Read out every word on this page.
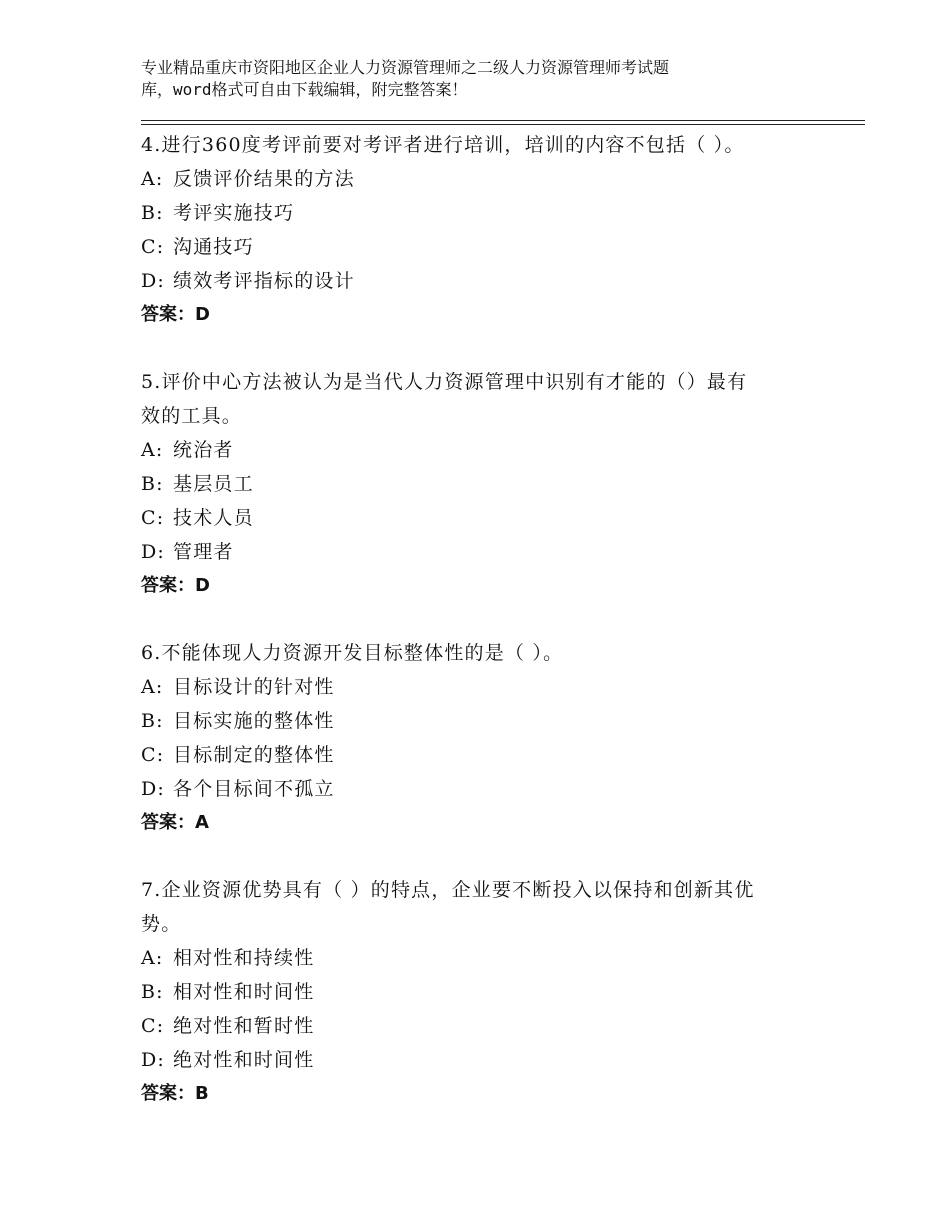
专业精品重庆市资阳地区企业人力资源管理师之二级人力资源管理师考试题
库，word格式可自由下载编辑，附完整答案！

4.进行360度考评前要对考评者进行培训，培训的内容不包括（ ）。

A: 反馈评价结果的方法

B: 考评实施技巧

C: 沟通技巧

D: 绩效考评指标的设计

答案：D

5.评价中心方法被认为是当代人力资源管理中识别有才能的（）最有

效的工具。

A: 统治者

B: 基层员工

C: 技术人员

D: 管理者

答案：D

6.不能体现人力资源开发目标整体性的是（ ）。

A: 目标设计的针对性

B: 目标实施的整体性

C: 目标制定的整体性

D: 各个目标间不孤立

答案：A

7.企业资源优势具有（ ）的特点，企业要不断投入以保持和创新其优

势。

A: 相对性和持续性

B: 相对性和时间性

C: 绝对性和暂时性

D: 绝对性和时间性

答案：B
